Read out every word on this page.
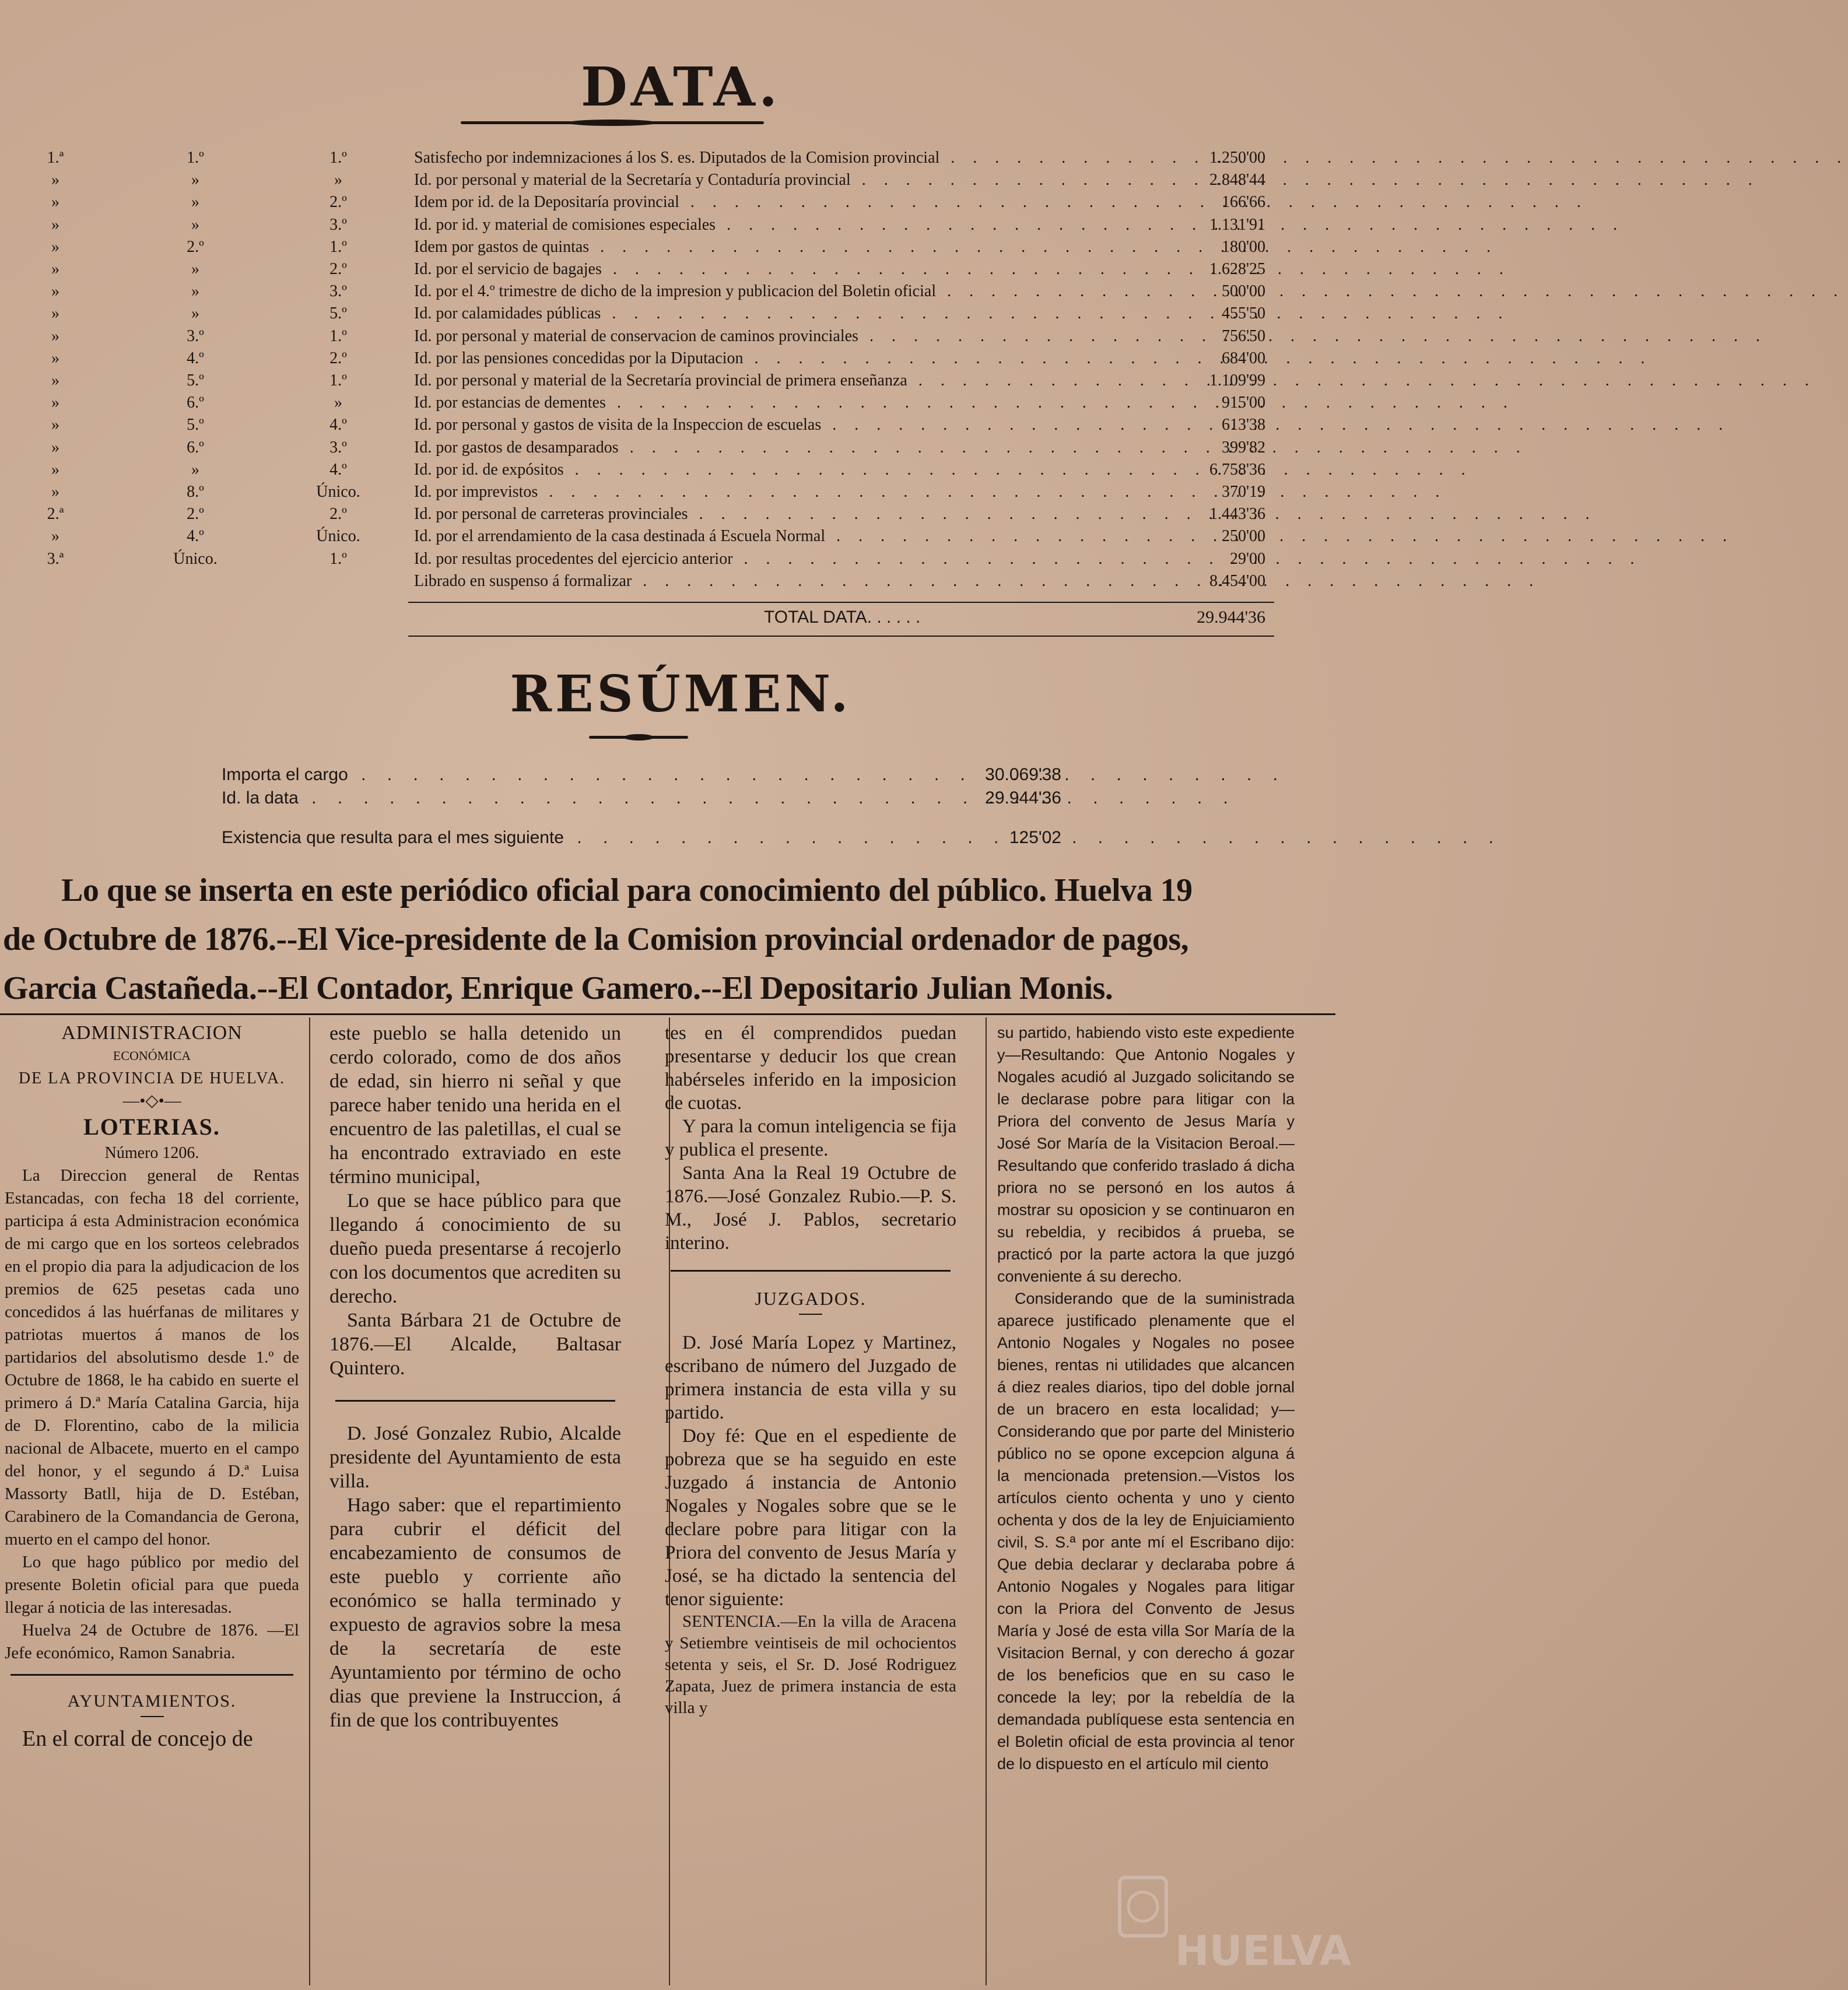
DATA.
1.ª	1.º	1.º	Satisfecho por indemnizaciones á los S. es. Diputados de la Comision provincial . . .	1.250'00
»	»	»	Id. por personal y material de la Secretaría y Contaduría provincial . . .	2.848'44
»	»	2.º	Idem por id. de la Depositaría provincial . . .	166'66
»	»	3.º	Id. por id. y material de comisiones especiales . . .	1.131'91
»	2.º	1.º	Idem por gastos de quintas . . .	180'00
»	»	2.º	Id. por el servicio de bagajes . . .	1.628'25
»	»	3.º	Id. por el 4.º trimestre de dicho de la impresion y publicacion del Boletin oficial . . .	500'00
»	»	5.º	Id. por calamidades públicas . . .	455'50
»	3.º	1.º	Id. por personal y material de conservacion de caminos provinciales . . .	756'50
»	4.º	2.º	Id. por las pensiones concedidas por la Diputacion . . .	684'00
»	5.º	1.º	Id. por personal y material de la Secretaría provincial de primera enseñanza . . .	1.109'99
»	6.º	»	Id. por estancias de dementes . . .	915'00
»	5.º	4.º	Id. por personal y gastos de visita de la Inspeccion de escuelas . . .	613'38
»	6.º	3.º	Id. por gastos de desamparados . . .	399'82
»	»	4.º	Id. por id. de expósitos . . .	6.758'36
»	8.º	Único.	Id. por imprevistos . . .	370'19
2.ª	2.º	2.º	Id. por personal de carreteras provinciales . . .	1.443'36
»	4.º	Único.	Id. por el arrendamiento de la casa destinada á Escuela Normal . . .	250'00
3.ª	Único.	1.º	Id. por resultas procedentes del ejercicio anterior . . .	29'00
Librado en suspenso á formalizar . . .	8.454'00
TOTAL DATA. . . . . .	29.944'36
RESÚMEN.
Importa el cargo . . .	30.069'38
Id. la data . . .	29.944'36
Existencia que resulta para el mes siguiente . . .	125'02
Lo que se inserta en este periódico oficial para conocimiento del público. Huelva 19
de Octubre de 1876.--El Vice-presidente de la Comision provincial ordenador de pagos,
Garcia Castañeda.--El Contador, Enrique Gamero.--El Depositario Julian Monis.
ADMINISTRACION
ECONÓMICA
DE LA PROVINCIA DE HUELVA.
—•◇•—
LOTERIAS.
Número 1206.

La Direccion general de Rentas Estancadas, con fecha 18 del corriente, participa á esta Administracion económica de mi cargo que en los sorteos celebrados en el propio dia para la adjudicacion de los premios de 625 pesetas cada uno concedidos á las huérfanas de militares y patriotas muertos á manos de los partidarios del absolutismo desde 1.º de Octubre de 1868, le ha cabido en suerte el primero á D.ª María Catalina Garcia, hija de D. Florentino, cabo de la milicia nacional de Albacete, muerto en el campo del honor, y el segundo á D.ª Luisa Massorty Batll, hija de D. Estéban, Carabinero de la Comandancia de Gerona, muerto en el campo del honor.

Lo que hago público por medio del presente Boletin oficial para que pueda llegar á noticia de las interesadas.

Huelva 24 de Octubre de 1876. —El Jefe económico, Ramon Sanabria.

AYUNTAMIENTOS.

En el corral de concejo de

este pueblo se halla detenido un cerdo colorado, como de dos años de edad, sin hierro ni señal y que parece haber tenido una herida en el encuentro de las paletillas, el cual se ha encontrado extraviado en este término municipal,

Lo que se hace público para que llegando á conocimiento de su dueño pueda presentarse á recojerlo con los documentos que acrediten su derecho.

Santa Bárbara 21 de Octubre de 1876.—El Alcalde, Baltasar Quintero.

D. José Gonzalez Rubio, Alcalde presidente del Ayuntamiento de esta villa.

Hago saber: que el repartimiento para cubrir el déficit del encabezamiento de consumos de este pueblo y corriente año económico se halla terminado y expuesto de agravios sobre la mesa de la secretaría de este Ayuntamiento por término de ocho dias que previene la Instruccion, á fin de que los contribuyentes

tes en él comprendidos puedan presentarse y deducir los que crean habérseles inferido en la imposicion de cuotas.

Y para la comun inteligencia se fija y publica el presente.

Santa Ana la Real 19 Octubre de 1876.—José Gonzalez Rubio.—P. S. M., José J. Pablos, secretario interino.

JUZGADOS.

D. José María Lopez y Martinez, escribano de número del Juzgado de primera instancia de esta villa y su partido.

Doy fé: Que en el espediente de pobreza que se ha seguido en este Juzgado á instancia de Antonio Nogales y Nogales sobre que se le declare pobre para litigar con la Priora del convento de Jesus María y José, se ha dictado la sentencia del tenor siguiente:

SENTENCIA.—En la villa de Aracena y Setiembre veintiseis de mil ochocientos setenta y seis, el Sr. D. José Rodriguez Zapata, Juez de primera instancia de esta villa y

su partido, habiendo visto este expediente y—Resultando: Que Antonio Nogales y Nogales acudió al Juzgado solicitando se le declarase pobre para litigar con la Priora del convento de Jesus María y José Sor María de la Visitacion Beroal.—Resultando que conferido traslado á dicha priora no se personó en los autos á mostrar su oposicion y se continuaron en su rebeldia, y recibidos á prueba, se practicó por la parte actora la que juzgó conveniente á su derecho.

Considerando que de la suministrada aparece justificado plenamente que el Antonio Nogales y Nogales no posee bienes, rentas ni utilidades que alcancen á diez reales diarios, tipo del doble jornal de un bracero en esta localidad; y—Considerando que por parte del Ministerio público no se opone excepcion alguna á la mencionada pretension.—Vistos los artículos ciento ochenta y uno y ciento ochenta y dos de la ley de Enjuiciamiento civil, S. S.ª por ante mí el Escribano dijo: Que debia declarar y declaraba pobre á Antonio Nogales y Nogales para litigar con la Priora del Convento de Jesus María y José de esta villa Sor María de la Visitacion Bernal, y con derecho á gozar de los beneficios que en su caso le concede la ley; por la rebeldía de la demandada publíquese esta sentencia en el Boletin oficial de esta provincia al tenor de lo dispuesto en el artículo mil ciento

HUELVA
